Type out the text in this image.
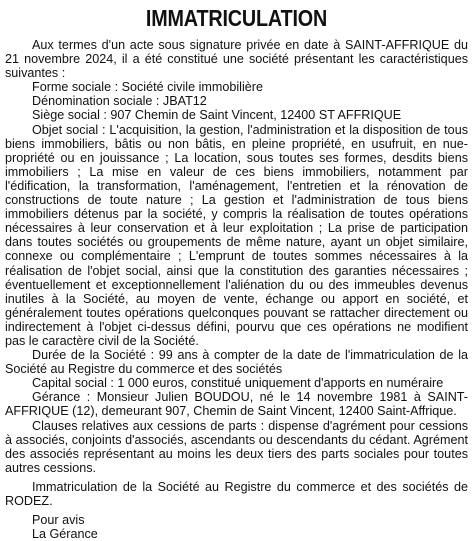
IMMATRICULATION

Aux termes d'un acte sous signature privée en date à SAINT-AFFRIQUE du 21 novembre 2024, il a été constitué une société présentant les caractéristiques suivantes :

Forme sociale : Société civile immobilière

Dénomination sociale : JBAT12

Siège social : 907 Chemin de Saint Vincent, 12400 ST AFFRIQUE

Objet social : L'acquisition, la gestion, l'administration et la disposition de tous biens immobiliers, bâtis ou non bâtis, en pleine propriété, en usufruit, en nue-propriété ou en jouissance ; La location, sous toutes ses formes, desdits biens immobiliers ; La mise en valeur de ces biens immobiliers, notamment par l'édification, la transformation, l'aménagement, l'entretien et la rénovation de constructions de toute nature ; La gestion et l'administration de tous biens immobiliers détenus par la société, y compris la réalisation de toutes opérations nécessaires à leur conservation et à leur exploitation ; La prise de participation dans toutes sociétés ou groupements de même nature, ayant un objet similaire, connexe ou complémentaire ; L'emprunt de toutes sommes nécessaires à la réalisation de l'objet social, ainsi que la constitution des garanties nécessaires ; éventuellement et exceptionnellement l'aliénation du ou des immeubles devenus inutiles à la Société, au moyen de vente, échange ou apport en société, et généralement toutes opérations quelconques pouvant se rattacher directement ou indirectement à l'objet ci-dessus défini, pourvu que ces opérations ne modifient pas le caractère civil de la Société.

Durée de la Société : 99 ans à compter de la date de l'immatriculation de la Société au Registre du commerce et des sociétés

Capital social : 1 000 euros, constitué uniquement d'apports en numéraire

Gérance : Monsieur Julien BOUDOU, né le 14 novembre 1981 à SAINT-AFFRIQUE (12), demeurant 907, Chemin de Saint Vincent, 12400 Saint-Affrique.

Clauses relatives aux cessions de parts : dispense d'agrément pour cessions à associés, conjoints d'associés, ascendants ou descendants du cédant. Agrément des associés représentant au moins les deux tiers des parts sociales pour toutes autres cessions.

Immatriculation de la Société au Registre du commerce et des sociétés de RODEZ.

Pour avis

La Gérance
